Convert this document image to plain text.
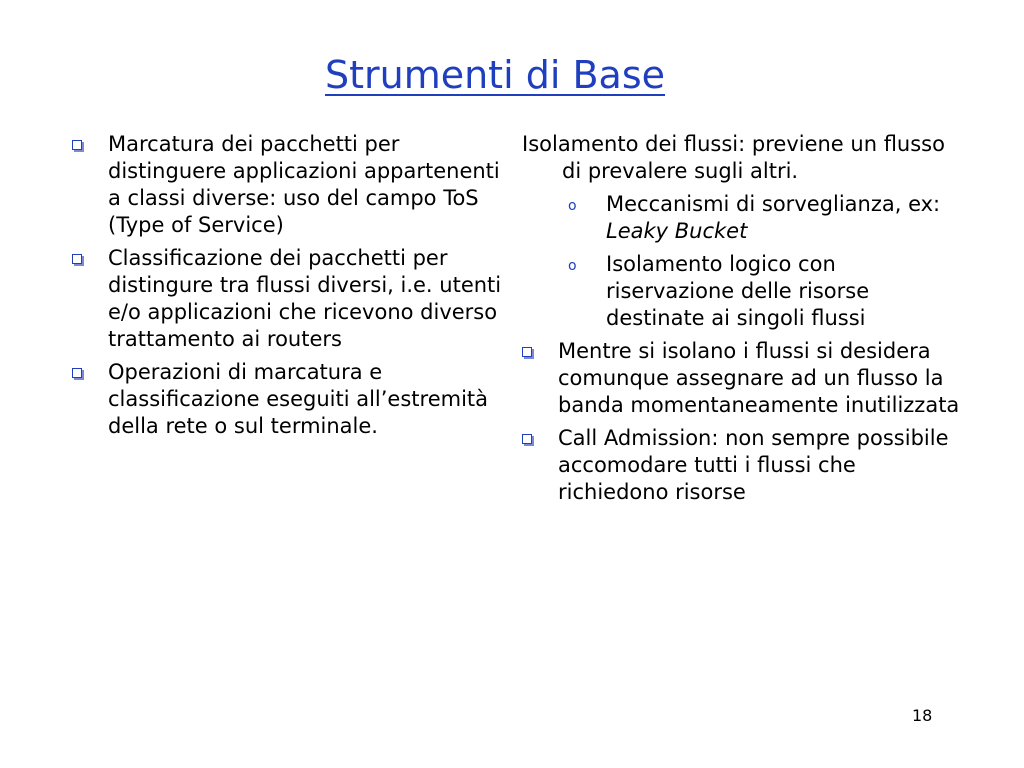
Strumenti di Base
Marcatura dei pacchetti per distinguere applicazioni appartenenti a classi diverse: uso del campo ToS (Type of Service)
Classificazione dei pacchetti per distingure tra flussi diversi, i.e. utenti e/o applicazioni che ricevono diverso trattamento ai routers
Operazioni di marcatura e classificazione eseguiti all’estremità della rete o sul terminale.
Isolamento dei flussi: previene un flusso di prevalere sugli altri.
o	Meccanismi di sorveglianza, ex: Leaky Bucket
o	Isolamento logico con riservazione delle risorse destinate ai singoli flussi
Mentre si isolano i flussi si desidera comunque assegnare ad un flusso la banda momentaneamente inutilizzata
Call Admission: non sempre possibile accomodare tutti i flussi che richiedono risorse
18
